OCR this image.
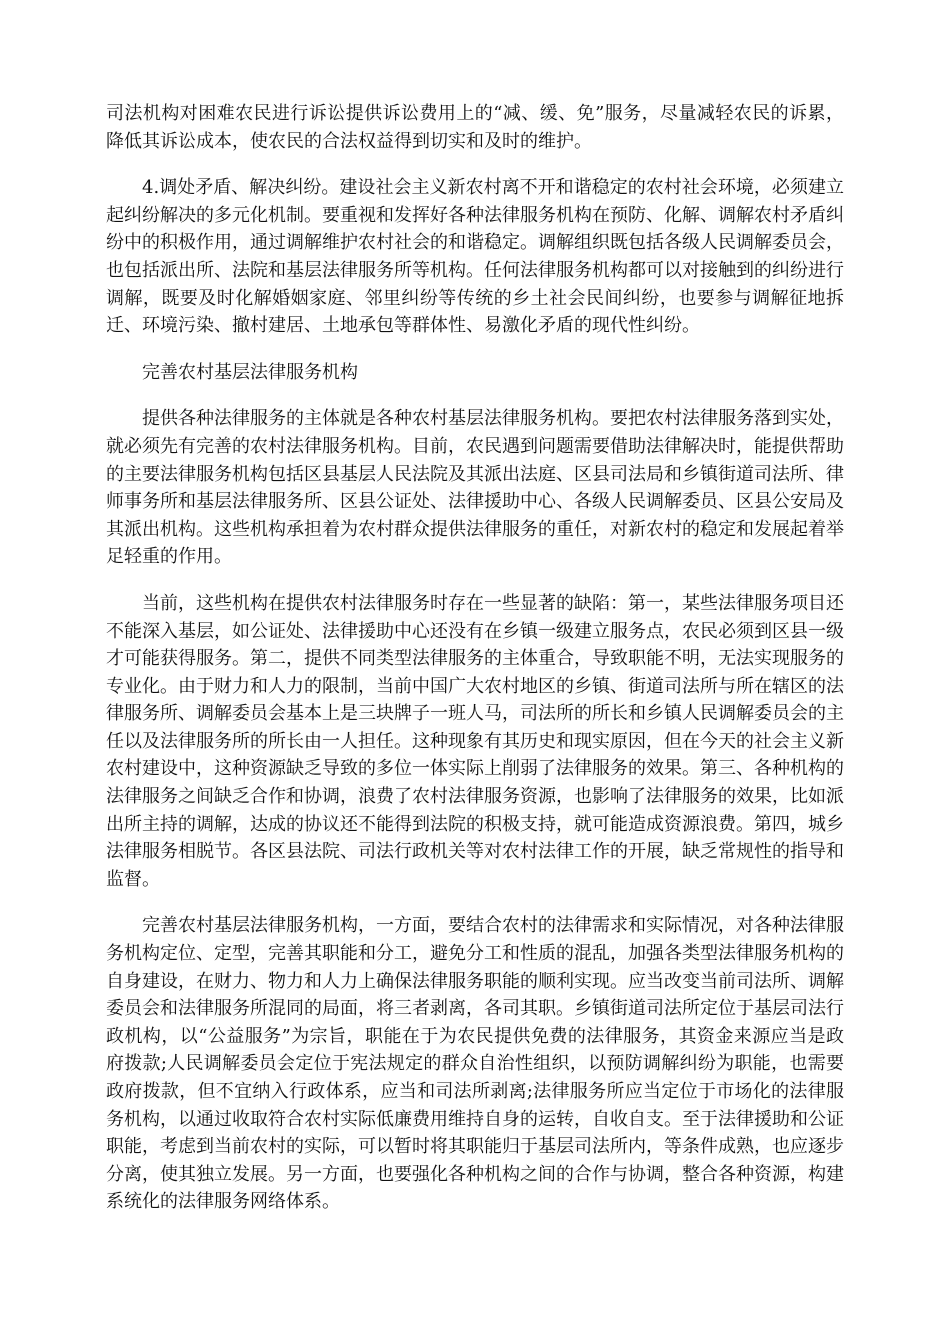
司法机构对困难农民进行诉讼提供诉讼费用上的“减、缓、免”服务，尽量减轻农民的诉累，降低其诉讼成本，使农民的合法权益得到切实和及时的维护。

4.调处矛盾、解决纠纷。建设社会主义新农村离不开和谐稳定的农村社会环境，必须建立起纠纷解决的多元化机制。要重视和发挥好各种法律服务机构在预防、化解、调解农村矛盾纠纷中的积极作用，通过调解维护农村社会的和谐稳定。调解组织既包括各级人民调解委员会，也包括派出所、法院和基层法律服务所等机构。任何法律服务机构都可以对接触到的纠纷进行调解，既要及时化解婚姻家庭、邻里纠纷等传统的乡土社会民间纠纷，也要参与调解征地拆迁、环境污染、撤村建居、土地承包等群体性、易激化矛盾的现代性纠纷。

完善农村基层法律服务机构

提供各种法律服务的主体就是各种农村基层法律服务机构。要把农村法律服务落到实处，就必须先有完善的农村法律服务机构。目前，农民遇到问题需要借助法律解决时，能提供帮助的主要法律服务机构包括区县基层人民法院及其派出法庭、区县司法局和乡镇街道司法所、律师事务所和基层法律服务所、区县公证处、法律援助中心、各级人民调解委员、区县公安局及其派出机构。这些机构承担着为农村群众提供法律服务的重任，对新农村的稳定和发展起着举足轻重的作用。

当前，这些机构在提供农村法律服务时存在一些显著的缺陷：第一，某些法律服务项目还不能深入基层，如公证处、法律援助中心还没有在乡镇一级建立服务点，农民必须到区县一级才可能获得服务。第二，提供不同类型法律服务的主体重合，导致职能不明，无法实现服务的专业化。由于财力和人力的限制，当前中国广大农村地区的乡镇、街道司法所与所在辖区的法律服务所、调解委员会基本上是三块牌子一班人马，司法所的所长和乡镇人民调解委员会的主任以及法律服务所的所长由一人担任。这种现象有其历史和现实原因，但在今天的社会主义新农村建设中，这种资源缺乏导致的多位一体实际上削弱了法律服务的效果。第三、各种机构的法律服务之间缺乏合作和协调，浪费了农村法律服务资源，也影响了法律服务的效果，比如派出所主持的调解，达成的协议还不能得到法院的积极支持，就可能造成资源浪费。第四，城乡法律服务相脱节。各区县法院、司法行政机关等对农村法律工作的开展，缺乏常规性的指导和监督。

完善农村基层法律服务机构，一方面，要结合农村的法律需求和实际情况，对各种法律服务机构定位、定型，完善其职能和分工，避免分工和性质的混乱，加强各类型法律服务机构的自身建设，在财力、物力和人力上确保法律服务职能的顺利实现。应当改变当前司法所、调解委员会和法律服务所混同的局面，将三者剥离，各司其职。乡镇街道司法所定位于基层司法行政机构，以“公益服务”为宗旨，职能在于为农民提供免费的法律服务，其资金来源应当是政府拨款;人民调解委员会定位于宪法规定的群众自治性组织，以预防调解纠纷为职能，也需要政府拨款，但不宜纳入行政体系，应当和司法所剥离;法律服务所应当定位于市场化的法律服务机构，以通过收取符合农村实际低廉费用维持自身的运转，自收自支。至于法律援助和公证职能，考虑到当前农村的实际，可以暂时将其职能归于基层司法所内，等条件成熟，也应逐步分离，使其独立发展。另一方面，也要强化各种机构之间的合作与协调，整合各种资源，构建系统化的法律服务网络体系。
